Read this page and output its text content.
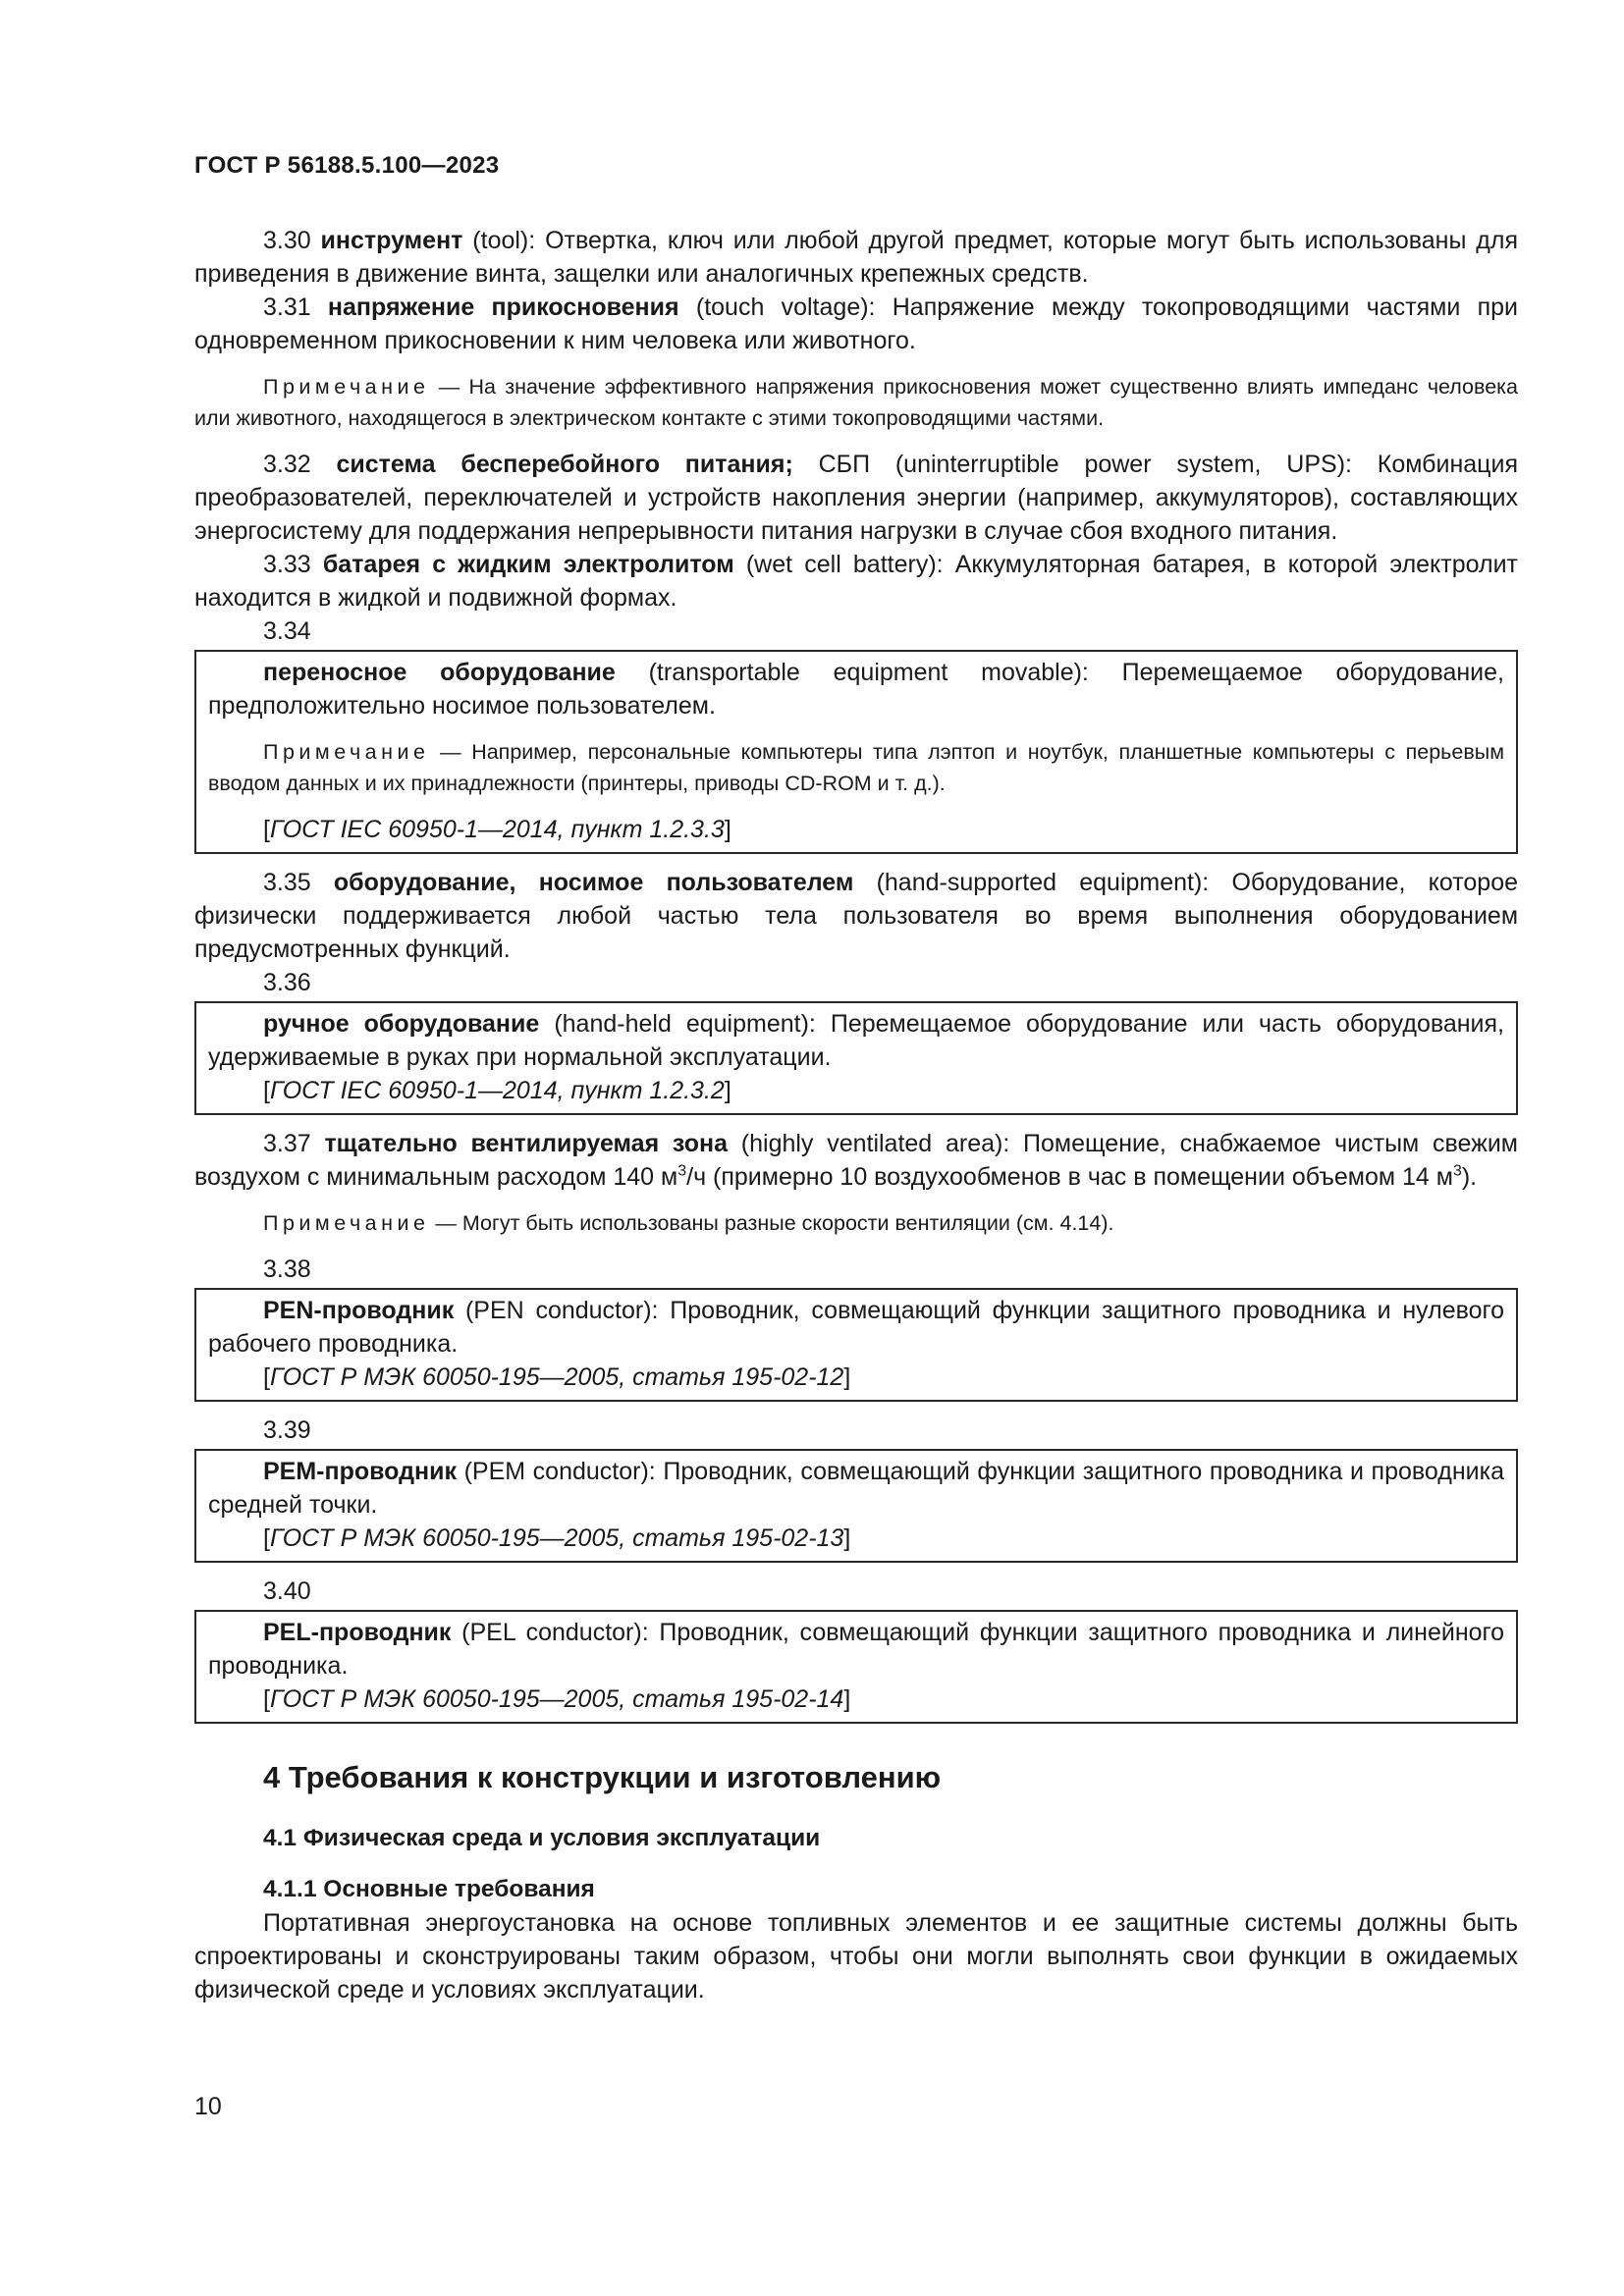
ГОСТ Р 56188.5.100—2023

3.30 инструмент (tool): Отвертка, ключ или любой другой предмет, которые могут быть использованы для приведения в движение винта, защелки или аналогичных крепежных средств.

3.31 напряжение прикосновения (touch voltage): Напряжение между токопроводящими частями при одновременном прикосновении к ним человека или животного.

Примечание — На значение эффективного напряжения прикосновения может существенно влиять импеданс человека или животного, находящегося в электрическом контакте с этими токопроводящими частями.

3.32 система бесперебойного питания; СБП (uninterruptible power system, UPS): Комбинация преобразователей, переключателей и устройств накопления энергии (например, аккумуляторов), составляющих энергосистему для поддержания непрерывности питания нагрузки в случае сбоя входного питания.

3.33 батарея с жидким электролитом (wet cell battery): Аккумуляторная батарея, в которой электролит находится в жидкой и подвижной формах.

3.34

переносное оборудование (transportable equipment movable): Перемещаемое оборудование, предположительно носимое пользователем.

Примечание — Например, персональные компьютеры типа лэптоп и ноутбук, планшетные компьютеры с перьевым вводом данных и их принадлежности (принтеры, приводы CD-ROM и т. д.).

[ГОСТ IEC 60950-1—2014, пункт 1.2.3.3]

3.35 оборудование, носимое пользователем (hand-supported equipment): Оборудование, которое физически поддерживается любой частью тела пользователя во время выполнения оборудованием предусмотренных функций.

3.36

ручное оборудование (hand-held equipment): Перемещаемое оборудование или часть оборудования, удерживаемые в руках при нормальной эксплуатации.

[ГОСТ IEC 60950-1—2014, пункт 1.2.3.2]

3.37 тщательно вентилируемая зона (highly ventilated area): Помещение, снабжаемое чистым свежим воздухом с минимальным расходом 140 $м^3/ч$ (примерно 10 воздухообменов в час в помещении объемом 14 $м^3$).

Примечание — Могут быть использованы разные скорости вентиляции (см. 4.14).

3.38

PEN-проводник (PEN conductor): Проводник, совмещающий функции защитного проводника и нулевого рабочего проводника.

[ГОСТ Р МЭК 60050-195—2005, статья 195-02-12]

3.39

PEM-проводник (PEM conductor): Проводник, совмещающий функции защитного проводника и проводника средней точки.

[ГОСТ Р МЭК 60050-195—2005, статья 195-02-13]

3.40

PEL-проводник (PEL conductor): Проводник, совмещающий функции защитного проводника и линейного проводника.

[ГОСТ Р МЭК 60050-195—2005, статья 195-02-14]

4 Требования к конструкции и изготовлению
4.1 Физическая среда и условия эксплуатации
4.1.1 Основные требования

Портативная энергоустановка на основе топливных элементов и ее защитные системы должны быть спроектированы и сконструированы таким образом, чтобы они могли выполнять свои функции в ожидаемых физической среде и условиях эксплуатации.

10
